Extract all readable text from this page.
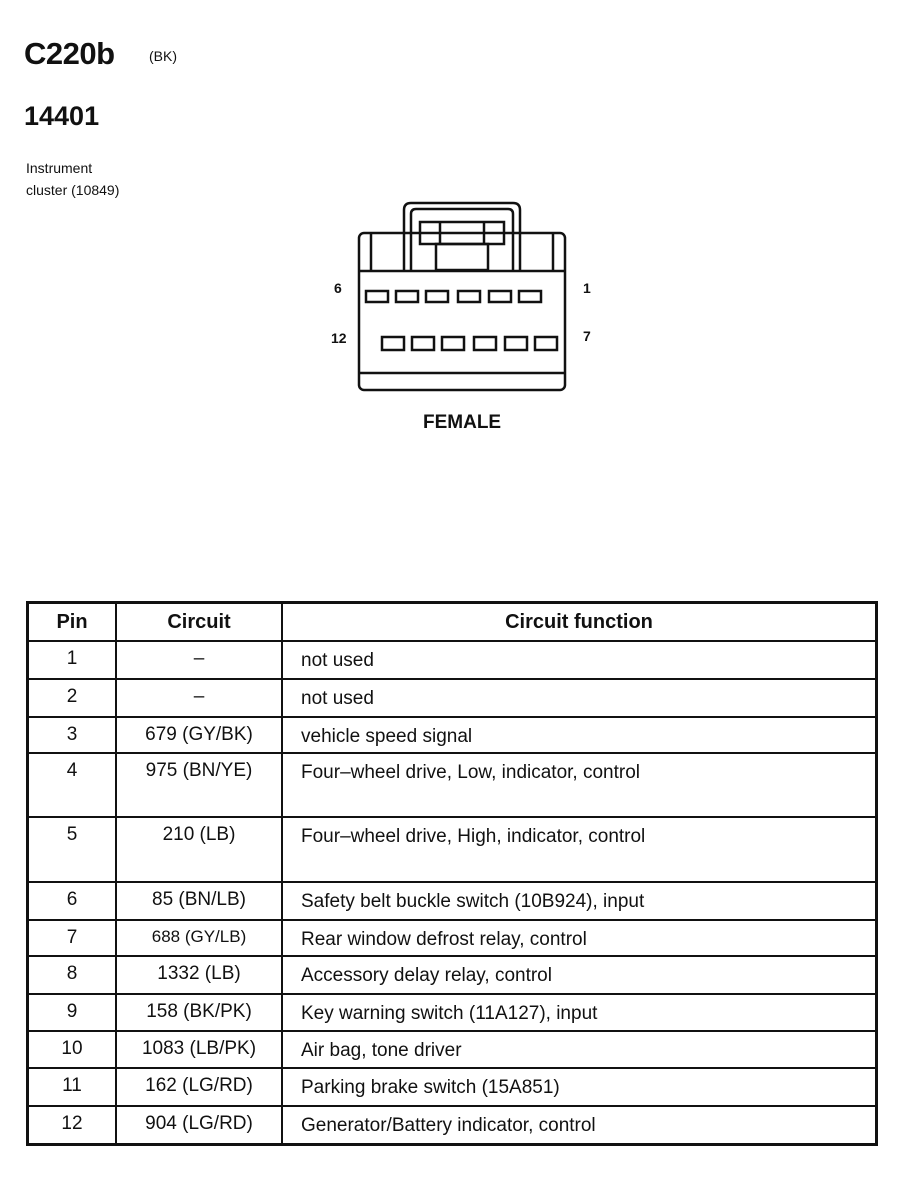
C220b (BK)
14401
Instrument
cluster (10849)
6	1
12	7
FEMALE
Pin	Circuit	Circuit function
1	–	not used
2	–	not used
3	679 (GY/BK)	vehicle speed signal
4	975 (BN/YE)	Four–wheel drive, Low, indicator, control
5	210 (LB)	Four–wheel drive, High, indicator, control
6	85 (BN/LB)	Safety belt buckle switch (10B924), input
7	688 (GY/LB)	Rear window defrost relay, control
8	1332 (LB)	Accessory delay relay, control
9	158 (BK/PK)	Key warning switch (11A127), input
10	1083 (LB/PK)	Air bag, tone driver
11	162 (LG/RD)	Parking brake switch (15A851)
12	904 (LG/RD)	Generator/Battery indicator, control
